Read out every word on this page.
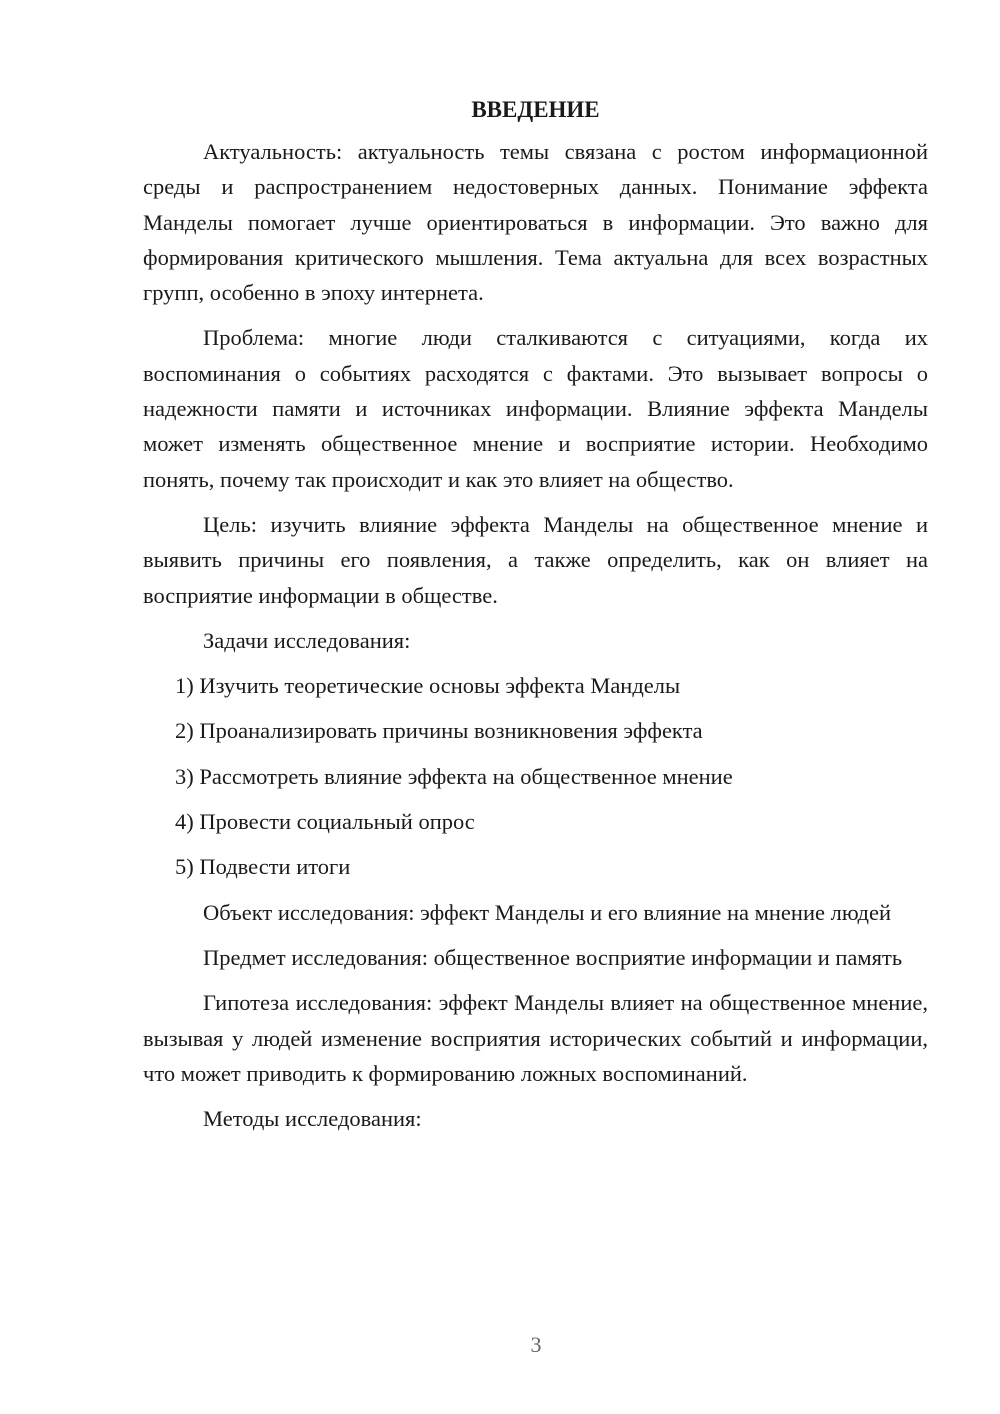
ВВЕДЕНИЕ

Актуальность: актуальность темы связана с ростом информационной среды и распространением недостоверных данных. Понимание эффекта Манделы помогает лучше ориентироваться в информации. Это важно для формирования критического мышления. Тема актуальна для всех возрастных групп, особенно в эпоху интернета.

Проблема: многие люди сталкиваются с ситуациями, когда их воспоминания о событиях расходятся с фактами. Это вызывает вопросы о надежности памяти и источниках информации. Влияние эффекта Манделы может изменять общественное мнение и восприятие истории. Необходимо понять, почему так происходит и как это влияет на общество.

Цель: изучить влияние эффекта Манделы на общественное мнение и выявить причины его появления, а также определить, как он влияет на восприятие информации в обществе.

Задачи исследования:

1) Изучить теоретические основы эффекта Манделы

2) Проанализировать причины возникновения эффекта

3) Рассмотреть влияние эффекта на общественное мнение

4) Провести социальный опрос

5) Подвести итоги

Объект исследования: эффект Манделы и его влияние на мнение людей

Предмет исследования: общественное восприятие информации и память

Гипотеза исследования: эффект Манделы влияет на общественное мнение, вызывая у людей изменение восприятия исторических событий и информации, что может приводить к формированию ложных воспоминаний.

Методы исследования:

3
